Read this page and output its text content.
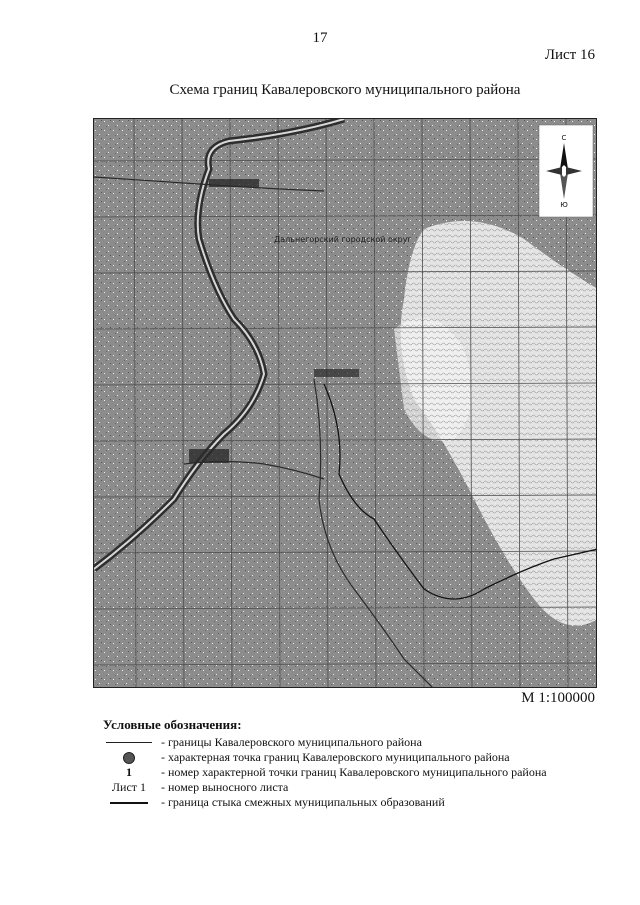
17
Лист 16
Схема границ Кавалеровского муниципального района
Дальнегорский городской округ
С
Ю
М 1:100000
Условные обозначения:
- границы Кавалеровского муниципального района
- характерная точка границ Кавалеровского муниципального района
1 - номер характерной точки границ Кавалеровского муниципального района
Лист 1 - номер выносного листа
- граница стыка смежных муниципальных образований
